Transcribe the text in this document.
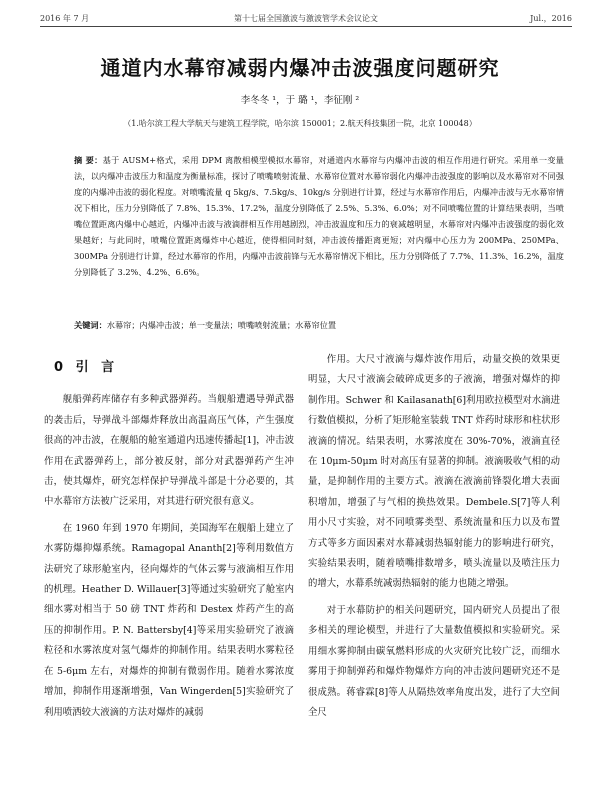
2016 年 7 月	第十七届全国激波与激波管学术会议论文	Jul.，2016
通道内水幕帘减弱内爆冲击波强度问题研究
李冬冬 ¹，于 璐 ¹，李征刚 ²
（1.哈尔滨工程大学航天与建筑工程学院，哈尔滨 150001；2.航天科技集团一院，北京 100048）
摘 要：基于 AUSM+格式，采用 DPM 离散相模型模拟水幕帘，对通道内水幕帘与内爆冲击波的相互作用进行研究。采用单一变量法，以内爆冲击波压力和温度为衡量标准，探讨了喷嘴喷射流量、水幕帘位置对水幕帘弱化内爆冲击波强度的影响以及水幕帘对不同强度的内爆冲击波的弱化程度。对喷嘴流量 q 5kg/s、7.5kg/s、10kg/s 分别进行计算，经过与水幕帘作用后，内爆冲击波与无水幕帘情况下相比，压力分别降低了 7.8%、15.3%、17.2%，温度分别降低了 2.5%、5.3%、6.0%；对不同喷嘴位置的计算结果表明，当喷嘴位置距离内爆中心越近，内爆冲击波与液滴群相互作用越剧烈，冲击波温度和压力的衰减越明显，水幕帘对内爆冲击波强度的弱化效果越好；与此同时，喷嘴位置距离爆炸中心越近，使得相同时刻，冲击波传播距离更短；对内爆中心压力为 200MPa、250MPa、300MPa 分别进行计算，经过水幕帘的作用，内爆冲击波前锋与无水幕帘情况下相比，压力分别降低了 7.7%、11.3%、16.2%，温度分别降低了 3.2%、4.2%、6.6%。
关键词：水幕帘；内爆冲击波；单一变量法；喷嘴喷射流量；水幕帘位置
0 引 言

舰船弹药库储存有多种武器弹药。当舰船遭遇导弹武器的袭击后，导弹战斗部爆炸释放出高温高压气体，产生强度很高的冲击波，在舰船的舱室通道内迅速传播起[1]，冲击波作用在武器弹药上，部分被反射，部分对武器弹药产生冲击，使其爆炸，研究怎样保护导弹战斗部是十分必要的，其中水幕帘方法被广泛采用，对其进行研究很有意义。

在 1960 年到 1970 年期间，美国海军在舰船上建立了水雾防爆抑爆系统。Ramagopal Ananth[2]等利用数值方法研究了球形舱室内，径向爆炸的气体云雾与液滴相互作用的机理。Heather D. Willauer[3]等通过实验研究了舱室内细水雾对相当于 50 磅 TNT 炸药和 Destex 炸药产生的高压的抑制作用。P. N. Battersby[4]等采用实验研究了液滴粒径和水雾浓度对氢气爆炸的抑制作用。结果表明水雾粒径在 5-6μm 左右，对爆炸的抑制有微弱作用。随着水雾浓度增加，抑制作用逐渐增强，Van Wingerden[5]实验研究了利用喷洒较大液滴的方法对爆炸的减弱

作用。大尺寸液滴与爆炸波作用后，动量交换的效果更明显，大尺寸液滴会破碎成更多的子液滴，增强对爆炸的抑制作用。Schwer 和 Kailasanath[6]利用欧拉模型对水滴进行数值模拟，分析了矩形舱室装载 TNT 炸药时球形和柱状形液滴的情况。结果表明，水雾浓度在 30%-70%，液滴直径在 10μm-50μm 时对高压有显著的抑制。液滴吸收气相的动量，是抑制作用的主要方式。液滴在液滴前锋裂化增大表面积增加，增强了与气相的换热效果。Dembele.S[7]等人利用小尺寸实验，对不同喷雾类型、系统流量和压力以及布置方式等多方面因素对水幕减弱热辐射能力的影响进行研究，实验结果表明，随着喷嘴排数增多，喷头流量以及喷注压力的增大，水幕系统减弱热辐射的能力也随之增强。

对于水幕防护的相关问题研究，国内研究人员提出了很多相关的理论模型，并进行了大量数值模拟和实验研究。采用细水雾抑制由碳氧燃料形成的火灾研究比较广泛，而细水雾用于抑制弹药和爆炸物爆炸方向的冲击波问题研究还不是很成熟。蒋睿霖[8]等人从隔热效率角度出发，进行了大空间全尺
